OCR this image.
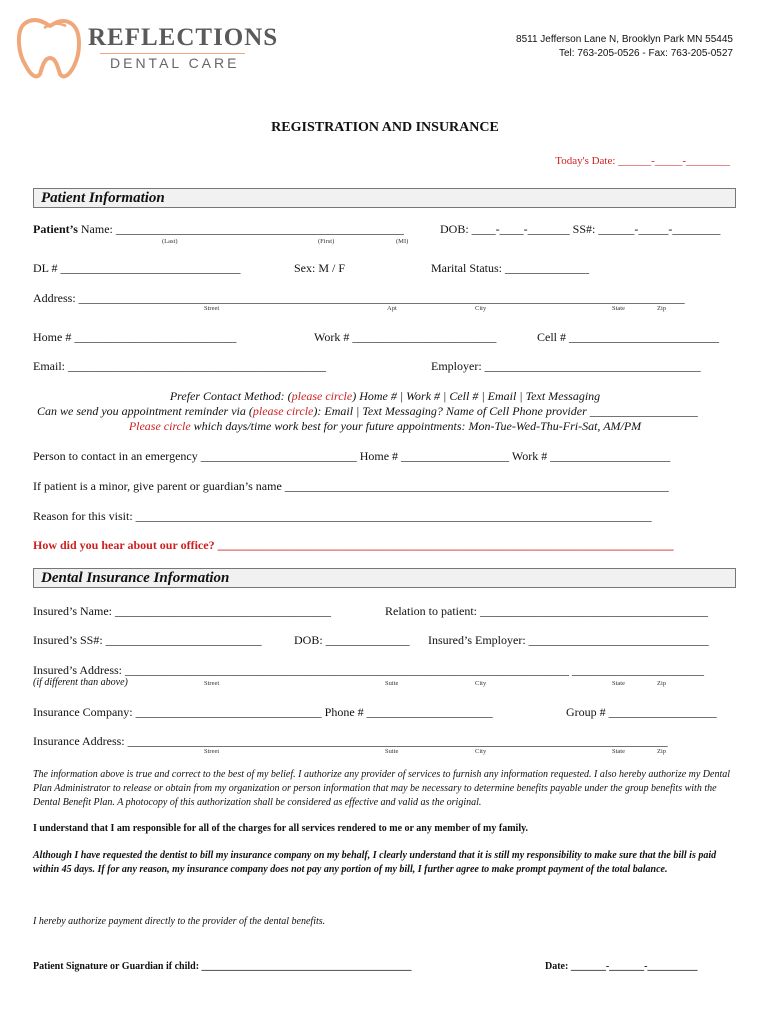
REFLECTIONS
DENTAL CARE
8511 Jefferson Lane N, Brooklyn Park MN 55445
Tel: 763-205-0526 - Fax: 763-205-0527
REGISTRATION AND INSURANCE
Today's Date: ______-_____-________
Patient Information
Patient’s Name: ________________________________________________	DOB: ____-____-_______ SS#: ______-_____-________
(Last)	(First)	(MI)
DL # ______________________________	Sex: M / F	Marital Status: ______________
Address: _____________________________________________________________________________________________________
Street	Apt	City	State	Zip
Home # ___________________________	Work # ________________________	Cell # _________________________
Email: ___________________________________________	Employer: ____________________________________
Prefer Contact Method: (please circle) Home # | Work # | Cell # | Email | Text Messaging
Can we send you appointment reminder via (please circle): Email | Text Messaging? Name of Cell Phone provider __________________
Please circle which days/time work best for your future appointments: Mon-Tue-Wed-Thu-Fri-Sat, AM/PM
Person to contact in an emergency __________________________ Home # __________________ Work # ____________________
If patient is a minor, give parent or guardian’s name ________________________________________________________________
Reason for this visit: ______________________________________________________________________________________
How did you hear about our office? ____________________________________________________________________________
Dental Insurance Information
Insured’s Name: ____________________________________	Relation to patient: ______________________________________
Insured’s SS#: __________________________	DOB: ______________ Insured’s Employer: ______________________________
Insured’s Address: __________________________________________________________________________ ______________________
(if different than above)	Street	Suite	City	State	Zip
Insurance Company: _______________________________ Phone # _____________________	Group # __________________
Insurance Address: __________________________________________________________________________________________
Street	Suite	City	State	Zip
The information above is true and correct to the best of my belief. I authorize any provider of services to furnish any information requested. I also hereby authorize my Dental Plan Administrator to release or obtain from my organization or person information that may be necessary to determine benefits payable under the group benefits with the Dental Benefit Plan. A photocopy of this authorization shall be considered as effective and valid as the original.
I understand that I am responsible for all of the charges for all services rendered to me or any member of my family.
Although I have requested the dentist to bill my insurance company on my behalf, I clearly understand that it is still my responsibility to make sure that the bill is paid within 45 days. If for any reason, my insurance company does not pay any portion of my bill, I further agree to make prompt payment of the total balance.
I hereby authorize payment directly to the provider of the dental benefits.
Patient Signature or Guardian if child: __________________________________________	Date: _______-_______-__________
